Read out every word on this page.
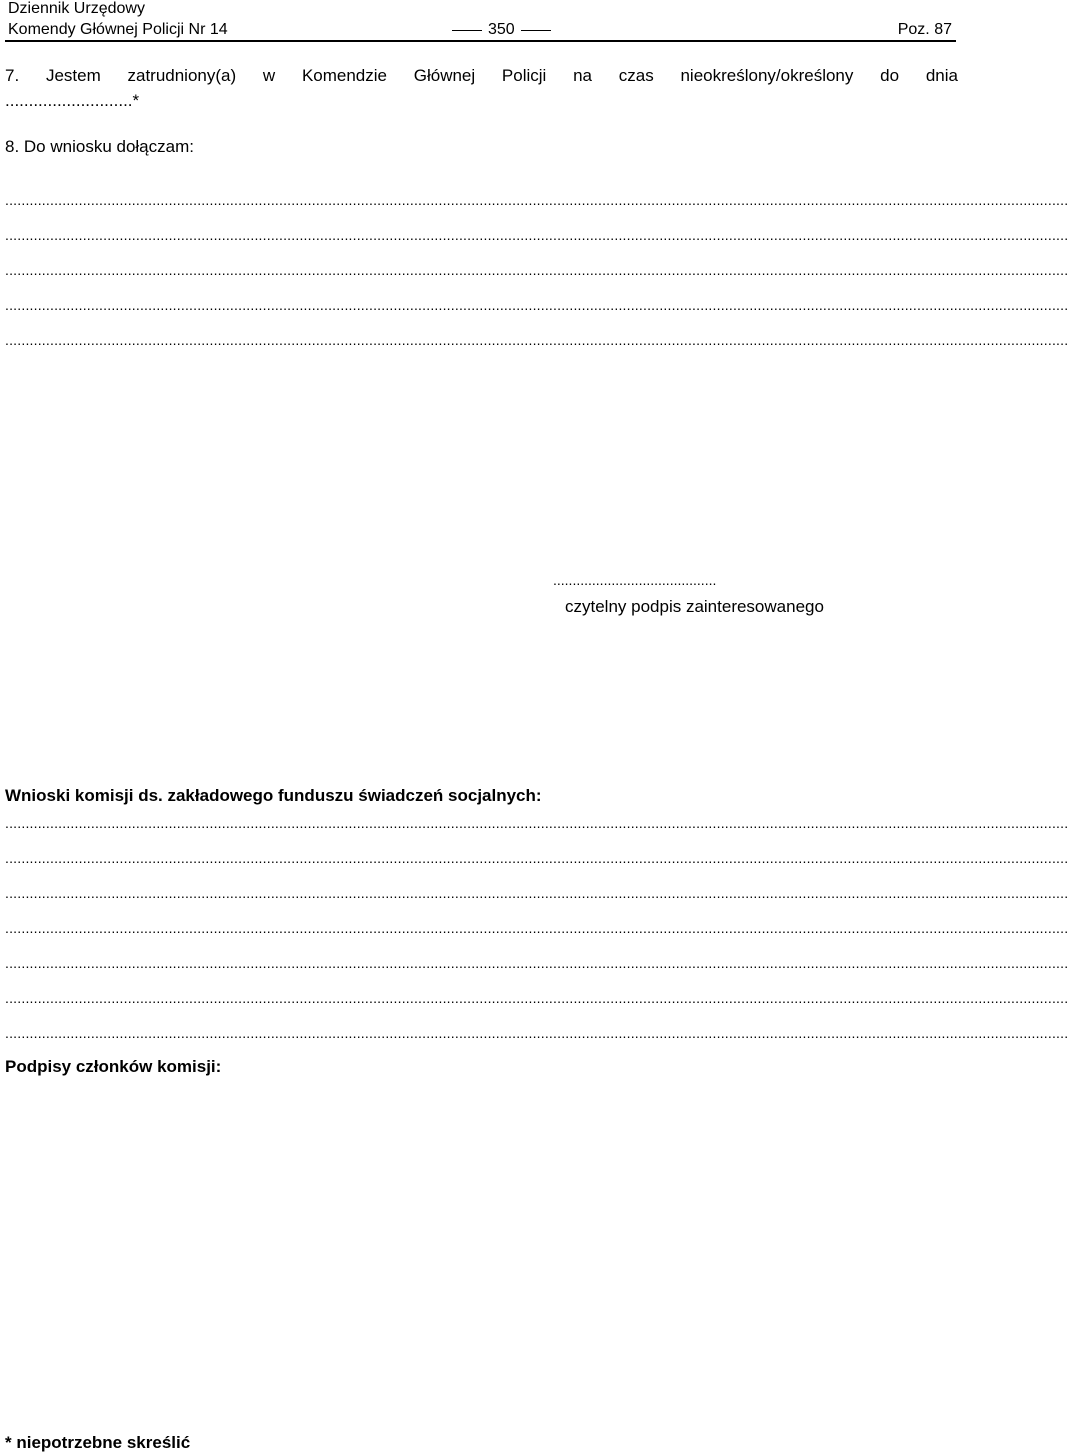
Dziennik Urzędowy
Komendy Głównej Policji Nr 14	350	Poz. 87
7. Jestem zatrudniony(a) w Komendzie Głównej Policji na czas nieokreślony/określony do dnia
...........................*
8. Do wniosku dołączam:
....................................................................................................................................................................................................................................................................
....................................................................................................................................................................................................................................................................
....................................................................................................................................................................................................................................................................
....................................................................................................................................................................................................................................................................
....................................................................................................................................................................................................................................................................
..........................................
czytelny podpis zainteresowanego
Wnioski komisji ds. zakładowego funduszu świadczeń socjalnych:
....................................................................................................................................................................................................................................................................
....................................................................................................................................................................................................................................................................
....................................................................................................................................................................................................................................................................
....................................................................................................................................................................................................................................................................
....................................................................................................................................................................................................................................................................
....................................................................................................................................................................................................................................................................
....................................................................................................................................................................................................................................................................
Podpisy członków komisji:
* niepotrzebne skreślić
